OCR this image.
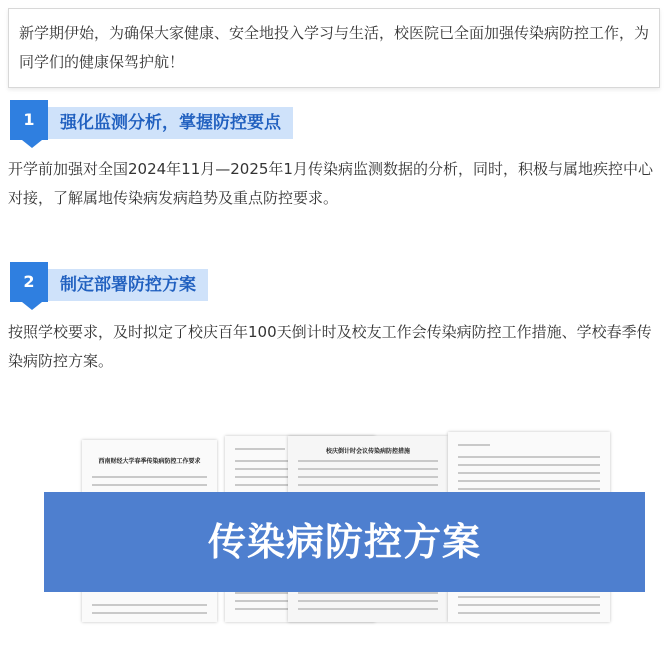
新学期伊始，为确保大家健康、安全地投入学习与生活，校医院已全面加强传染病防控工作，为同学们的健康保驾护航！
1	强化监测分析，掌握防控要点
开学前加强对全国2024年11月—2025年1月传染病监测数据的分析，同时，积极与属地疾控中心对接，了解属地传染病发病趋势及重点防控要求。
2	制定部署防控方案
按照学校要求，及时拟定了校庆百年100天倒计时及校友工作会传染病防控工作措施、学校春季传染病防控方案。
西南财经大学春季传染病防控工作要求
校庆倒计时会议传染病防控措施
传染病防控方案
